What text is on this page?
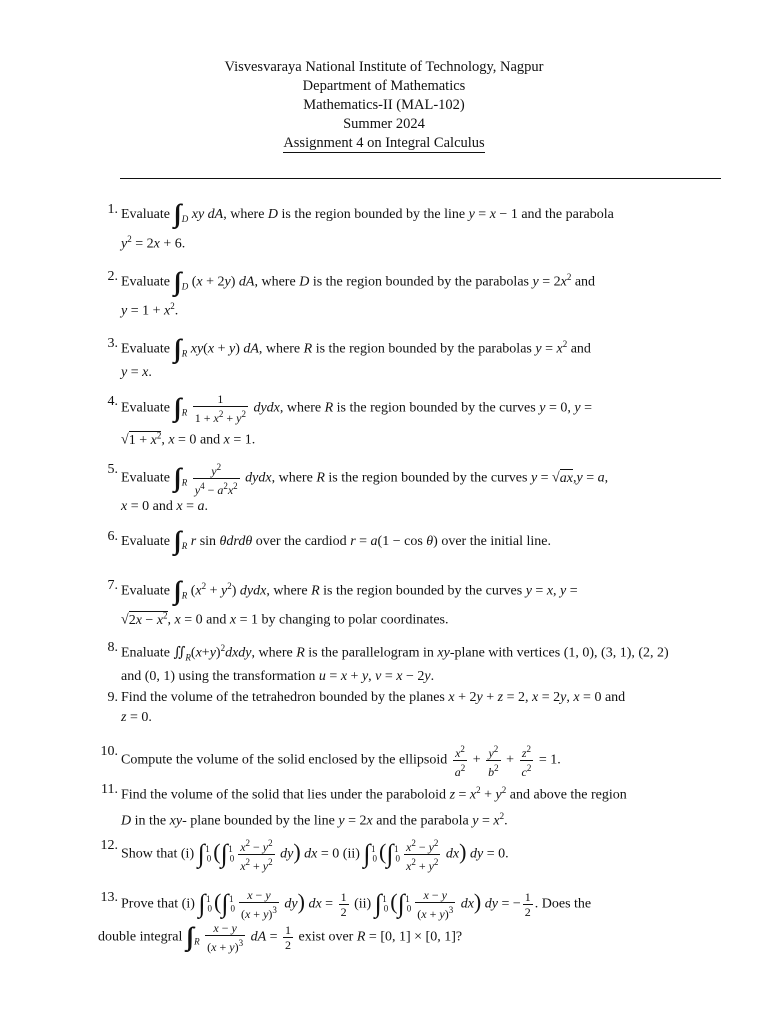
Visvesvaraya National Institute of Technology, Nagpur
Department of Mathematics
Mathematics-II (MAL-102)
Summer 2024
Assignment 4 on Integral Calculus
1 . Evaluate ∫∫ $_D$ xy dA, where D is the region bounded by the line y = x − 1 and the parabola
$y^2 = 2x + 6$.
2 . Evaluate ∫∫ $_D$ (x + 2y) dA, where D is the region bounded by the parabolas $y = 2x^2$ and
$y = 1 + x^2$.
3 . Evaluate ∫∫ $_R$ xy(x + y) dA, where R is the region bounded by the parabolas $y = x^2$ and
y = x.
4 . Evaluate ∫∫ $_R \frac{1}{1 + x^2 + y^2}$ dydx, where R is the region bounded by the curves y = 0, y =
$√1 + x^2$, x = 0 and x = 1.
5 .
Evaluate ∫∫ $_R \frac{y^2}{y^4 - a^2x^2}$ dydx, where R is the region bounded by the curves y = √ax,y = a,
x = 0 and x = a.
6 . Evaluate ∫∫ $_R$ r sin θdrdθ over the cardiod r = a(1 − cos θ) over the initial line.
7 . Evaluate ∫∫ $_R$ $(x^2 + y^2)$ dydx, where R is the region bounded by the curves y = x, y =
$√2x - x^2$, x = 0 and x = 1 by changing to polar coordinates.
8 . Enaluate $∬_R(x+y)^2dxdy$, where R is the parallelogram in xy-plane with vertices (1, 0), (3, 1), (2, 2)
and (0, 1) using the transformation u = x + y, v = x − 2y.
9 . Find the volume of the tetrahedron bounded by the planes x + 2y + z = 2, x = 2y, x = 0 and
z = 0.
10 .
Compute the volume of the solid enclosed by the ellipsoid $\frac{x^2}{a^2} + \frac{y^2}{b^2} + \frac{z^2}{c^2} = 1$.
11 . Find the volume of the solid that lies under the paraboloid $z = x^2 + y^2$ and above the region
D in the xy- plane bounded by the line y = 2x and the parabola $y = x^2$.
12 .
Show that (i) ∫ $_0^1$ (∫ $_0^1 \frac{x^2 - y^2}{x^2 + y^2} dy$) dx = 0 (ii) ∫ $_0^1$ (∫ $_0^1 \frac{x^2 - y^2}{x^2 + y^2} dx$) dy = 0.
13 . Prove that (i) ∫ $_0^1$ (∫ $_0^1 \frac{x - y}{(x + y)^3} dy$) dx = $\frac{1}{2} (ii)$ ∫ $_0^1$ (∫ $_0^1 \frac{x - y}{(x + y)^3} dx$) dy = − $\frac{1}{2}$ . Does the
double integral ∫∫ $_R \frac{x - y}{(x + y)^3}$ dA = $\frac{1}{2}$ exist over R = [0, 1] × [0, 1]?
